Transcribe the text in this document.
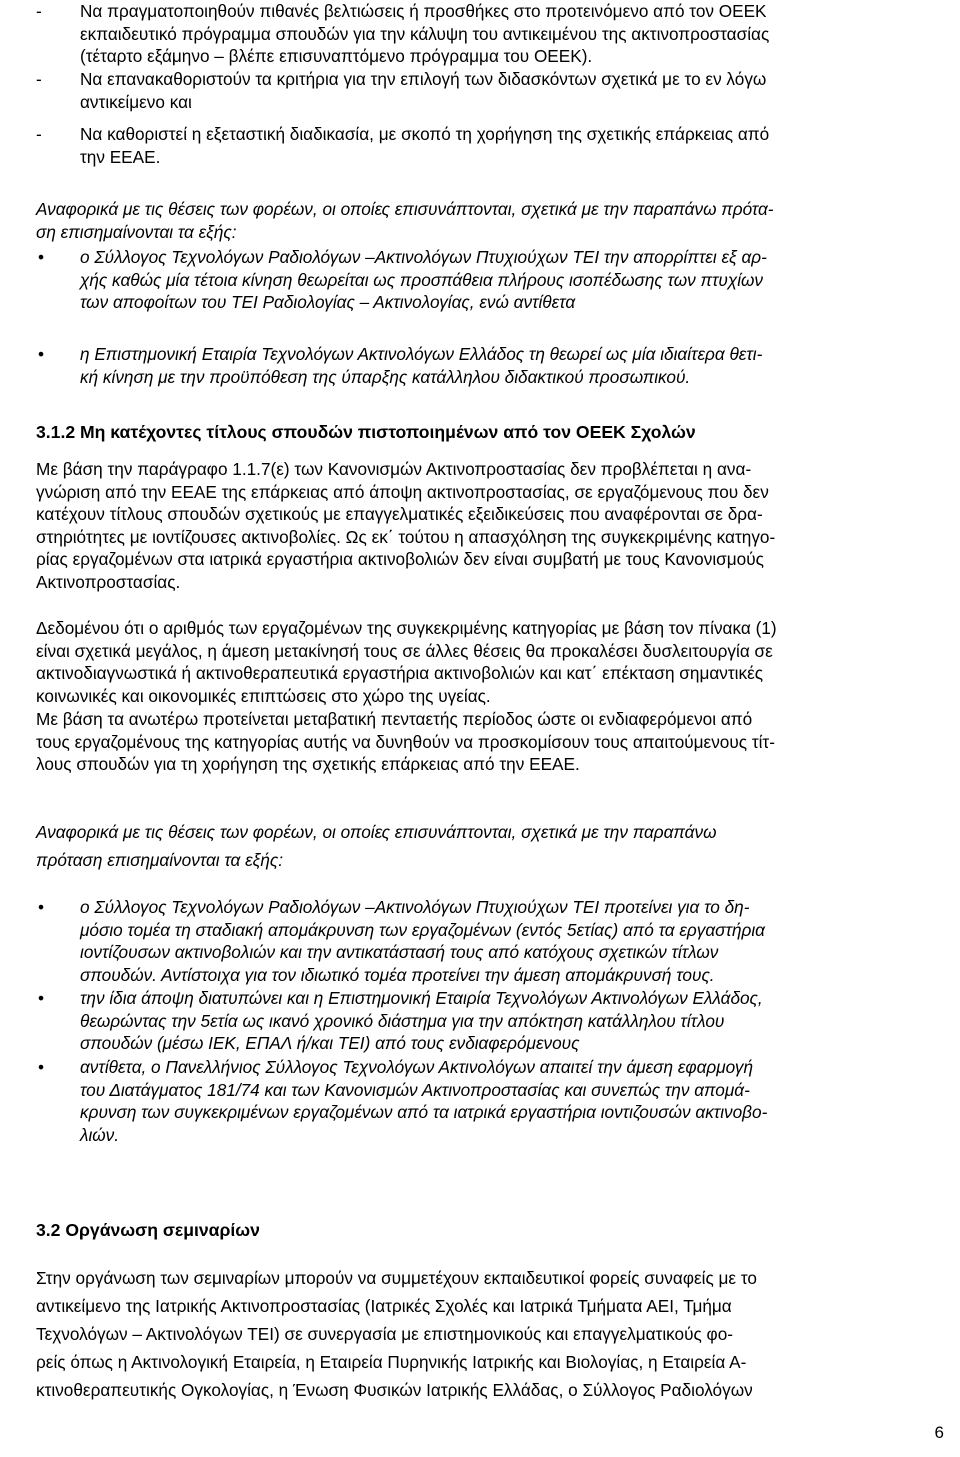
- Να πραγματοποιηθούν πιθανές βελτιώσεις ή προσθήκες στο προτεινόμενο από τον ΟΕΕΚ
εκπαιδευτικό πρόγραμμα σπουδών για την κάλυψη του αντικειμένου της ακτινοπροστασίας
(τέταρτο εξάμηνο – βλέπε επισυναπτόμενο πρόγραμμα του ΟΕΕΚ).
- Να επανακαθοριστούν τα κριτήρια για την επιλογή των διδασκόντων σχετικά με το εν λόγω
αντικείμενο και
- Να καθοριστεί η εξεταστική διαδικασία, με σκοπό τη χορήγηση της σχετικής επάρκειας από
την ΕΕΑΕ.
Αναφορικά με τις θέσεις των φορέων, οι οποίες επισυνάπτονται, σχετικά με την παραπάνω πρότα-
ση επισημαίνονται τα εξής:
• ο Σύλλογος Τεχνολόγων Ραδιολόγων –Ακτινολόγων Πτυχιούχων ΤΕΙ την απορρίπτει εξ αρ-
χής καθώς μία τέτοια κίνηση θεωρείται ως προσπάθεια πλήρους ισοπέδωσης των πτυχίων
των αποφοίτων του ΤΕΙ Ραδιολογίας – Ακτινολογίας, ενώ αντίθετα
• η Επιστημονική Εταιρία Τεχνολόγων Ακτινολόγων Ελλάδος τη θεωρεί ως μία ιδιαίτερα θετι-
κή κίνηση με την προϋπόθεση της ύπαρξης κατάλληλου διδακτικού προσωπικού.
3.1.2 Μη κατέχοντες τίτλους σπουδών πιστοποιημένων από τον ΟΕΕΚ Σχολών
Με βάση την παράγραφο 1.1.7(ε) των Κανονισμών Ακτινοπροστασίας δεν προβλέπεται η ανα-
γνώριση από την ΕΕΑΕ της επάρκειας από άποψη ακτινοπροστασίας, σε εργαζόμενους που δεν
κατέχουν τίτλους σπουδών σχετικούς με επαγγελματικές εξειδικεύσεις που αναφέρονται σε δρα-
στηριότητες με ιοντίζουσες ακτινοβολίες. Ως εκ΄ τούτου η απασχόληση της συγκεκριμένης κατηγο-
ρίας εργαζομένων στα ιατρικά εργαστήρια ακτινοβολιών δεν είναι συμβατή με τους Κανονισμούς
Ακτινοπροστασίας.
Δεδομένου ότι ο αριθμός των εργαζομένων της συγκεκριμένης κατηγορίας με βάση τον πίνακα (1)
είναι σχετικά μεγάλος, η άμεση μετακίνησή τους σε άλλες θέσεις θα προκαλέσει δυσλειτουργία σε
ακτινοδιαγνωστικά ή ακτινοθεραπευτικά εργαστήρια ακτινοβολιών και κατ΄ επέκταση σημαντικές
κοινωνικές και οικονομικές επιπτώσεις στο χώρο της υγείας.
Με βάση τα ανωτέρω προτείνεται μεταβατική πενταετής περίοδος ώστε οι ενδιαφερόμενοι από
τους εργαζομένους της κατηγορίας αυτής να δυνηθούν να προσκομίσουν τους απαιτούμενους τίτ-
λους σπουδών για τη χορήγηση της σχετικής επάρκειας από την ΕΕΑΕ.
Αναφορικά με τις θέσεις των φορέων, οι οποίες επισυνάπτονται, σχετικά με την παραπάνω
πρόταση επισημαίνονται τα εξής:
• ο Σύλλογος Τεχνολόγων Ραδιολόγων –Ακτινολόγων Πτυχιούχων ΤΕΙ προτείνει για το δη-
μόσιο τομέα τη σταδιακή απομάκρυνση των εργαζομένων (εντός 5ετίας) από τα εργαστήρια
ιοντίζουσων ακτινοβολιών και την αντικατάστασή τους από κατόχους σχετικών τίτλων
σπουδών. Αντίστοιχα για τον ιδιωτικό τομέα προτείνει την άμεση απομάκρυνσή τους.
• την ίδια άποψη διατυπώνει και η Επιστημονική Εταιρία Τεχνολόγων Ακτινολόγων Ελλάδος,
θεωρώντας την 5ετία ως ικανό χρονικό διάστημα για την απόκτηση κατάλληλου τίτλου
σπουδών (μέσω ΙΕΚ, ΕΠΑΛ ή/και ΤΕΙ) από τους ενδιαφερόμενους
• αντίθετα, ο Πανελλήνιος Σύλλογος Τεχνολόγων Ακτινολόγων απαιτεί την άμεση εφαρμογή
του Διατάγματος 181/74 και των Κανονισμών Ακτινοπροστασίας και συνεπώς την απομά-
κρυνση των συγκεκριμένων εργαζομένων από τα ιατρικά εργαστήρια ιοντιζουσών ακτινοβο-
λιών.
3.2 Οργάνωση σεμιναρίων
Στην οργάνωση των σεμιναρίων μπορούν να συμμετέχουν εκπαιδευτικοί φορείς συναφείς με το
αντικείμενο της Ιατρικής Ακτινοπροστασίας (Ιατρικές Σχολές και Ιατρικά Τμήματα ΑΕΙ, Τμήμα
Τεχνολόγων – Ακτινολόγων ΤΕΙ) σε συνεργασία με επιστημονικούς και επαγγελματικούς φο-
ρείς όπως η Ακτινολογική Εταιρεία, η Εταιρεία Πυρηνικής Ιατρικής και Βιολογίας, η Εταιρεία Α-
κτινοθεραπευτικής Ογκολογίας, η Ένωση Φυσικών Ιατρικής Ελλάδας, ο Σύλλογος Ραδιολόγων
6
